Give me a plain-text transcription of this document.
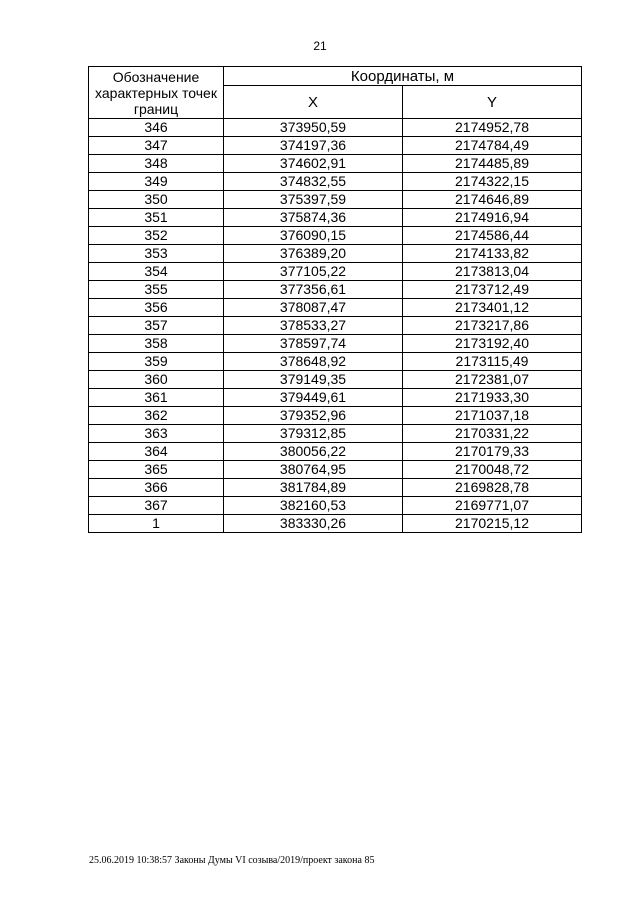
21
Обозначение характерных точек границ	Координаты, м	
	X	Y
346	373950,59	2174952,78
347	374197,36	2174784,49
348	374602,91	2174485,89
349	374832,55	2174322,15
350	375397,59	2174646,89
351	375874,36	2174916,94
352	376090,15	2174586,44
353	376389,20	2174133,82
354	377105,22	2173813,04
355	377356,61	2173712,49
356	378087,47	2173401,12
357	378533,27	2173217,86
358	378597,74	2173192,40
359	378648,92	2173115,49
360	379149,35	2172381,07
361	379449,61	2171933,30
362	379352,96	2171037,18
363	379312,85	2170331,22
364	380056,22	2170179,33
365	380764,95	2170048,72
366	381784,89	2169828,78
367	382160,53	2169771,07
1	383330,26	2170215,12
25.06.2019 10:38:57 Законы Думы VI созыва/2019/проект закона 85
